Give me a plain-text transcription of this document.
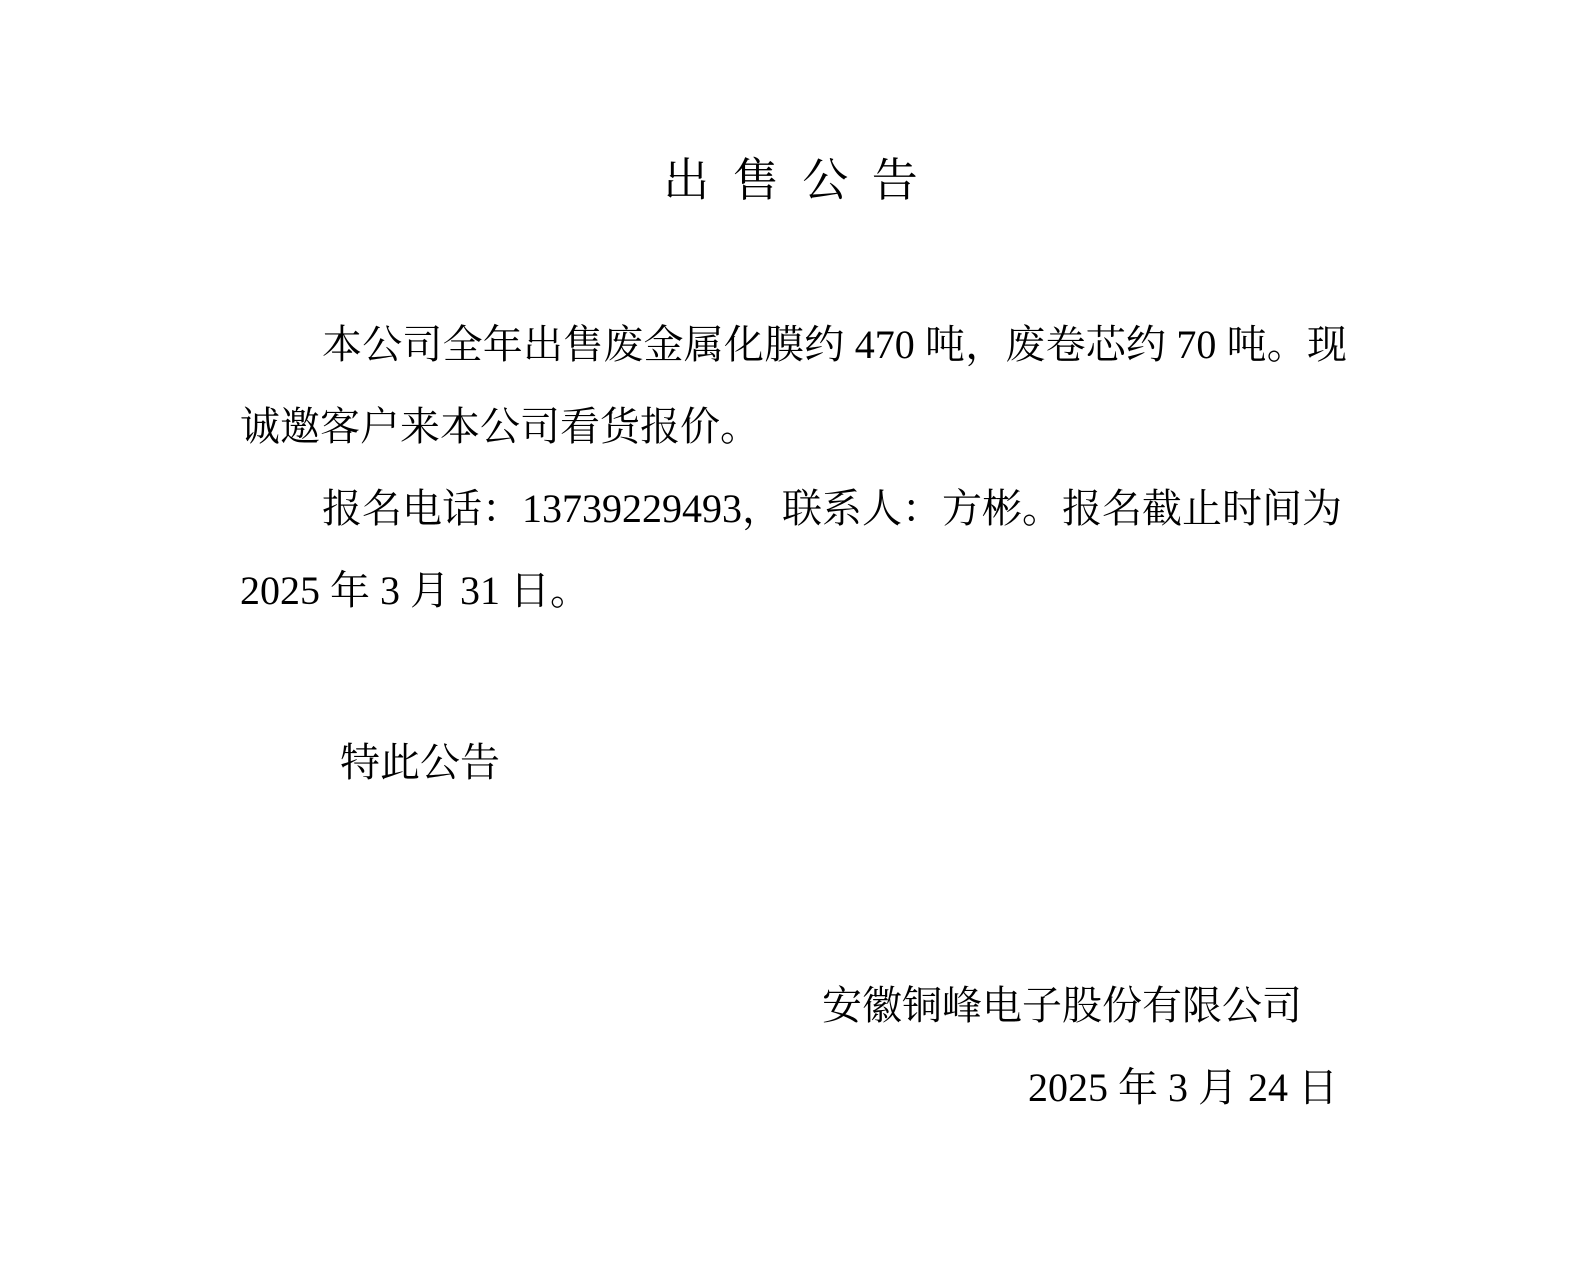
出 售 公 告

本公司全年出售废金属化膜约 470 吨，废卷芯约 70 吨。现

诚邀客户来本公司看货报价。

报名电话：13739229493，联系人：方彬。报名截止时间为

2025 年 3 月 31 日。

特此公告

安徽铜峰电子股份有限公司

2025 年 3 月 24 日
